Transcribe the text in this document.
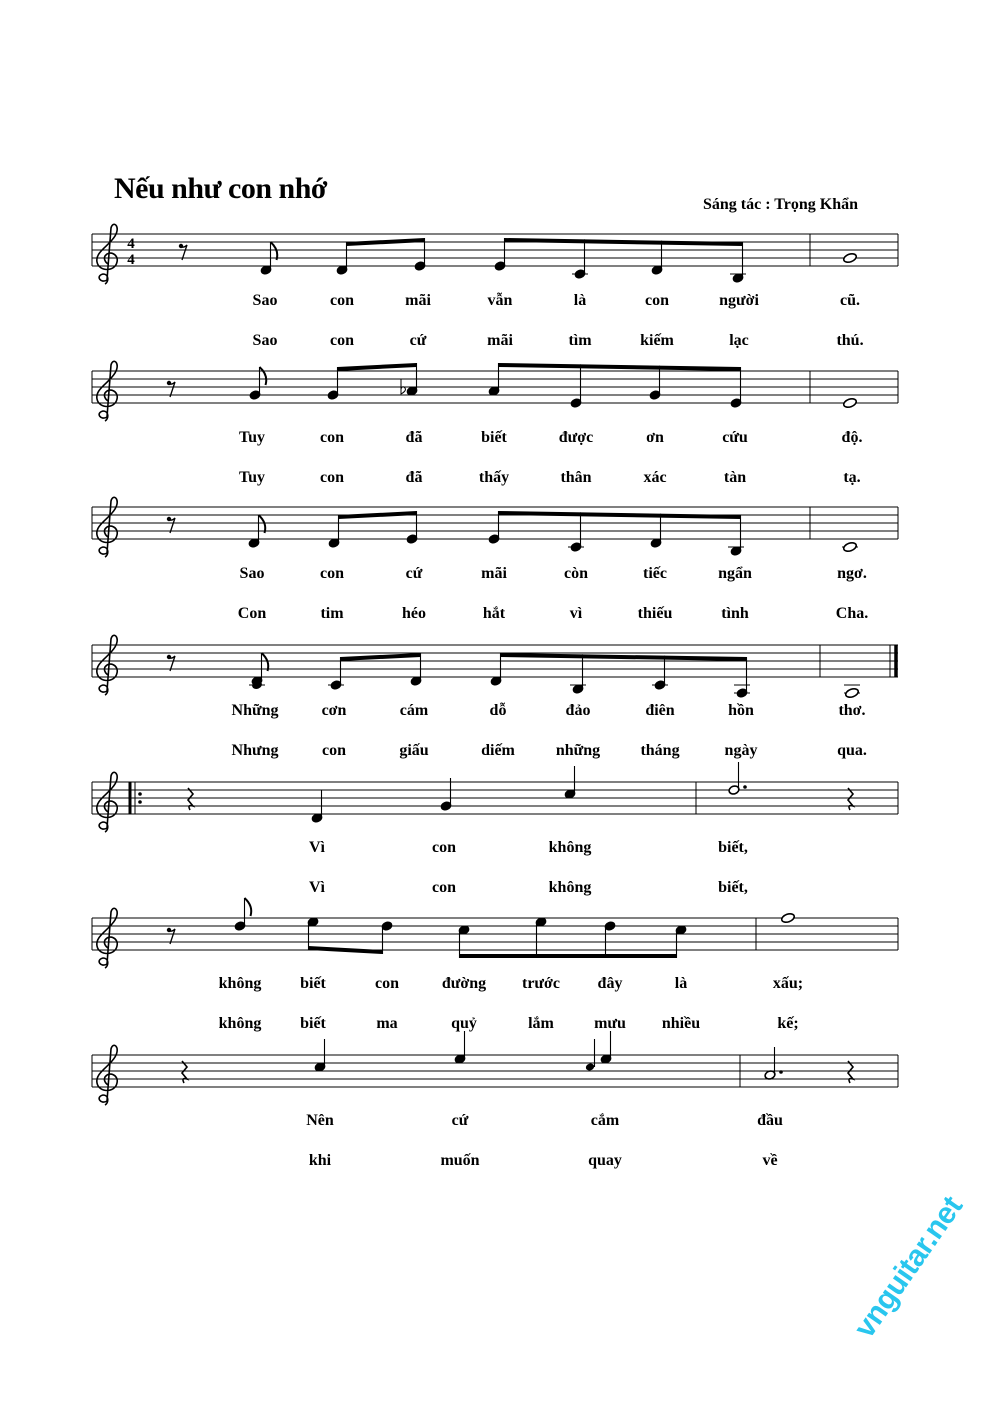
Nếu như con nhớ	Sáng tác : Trọng Khẩn
4
4
Sao	con	mãi	vẫn	là	con	người	cũ.
Sao	con	cứ	mãi	tìm	kiếm	lạc	thú.
Tuy	con	đã	biết	được	ơn	cứu	độ.
Tuy	con	đã	thấy	thân	xác	tàn	tạ.
Sao	con	cứ	mãi	còn	tiếc	ngẩn	ngơ.
Con	tim	héo	hắt	vì	thiếu	tình	Cha.
Những	cơn	cám	dỗ	đảo	điên	hồn	thơ.
Nhưng	con	giấu	diếm	những	tháng	ngày	qua.
Vì	con	không	biết,
Vì	con	không	biết,
không biết	con	đường trước đây	là	xấu;
không biết	ma	quỷ	lắm	mưu nhiều	kế;
Nên	cứ	cắm	đầu
khi	muốn	quay	về
vnguitar.net
